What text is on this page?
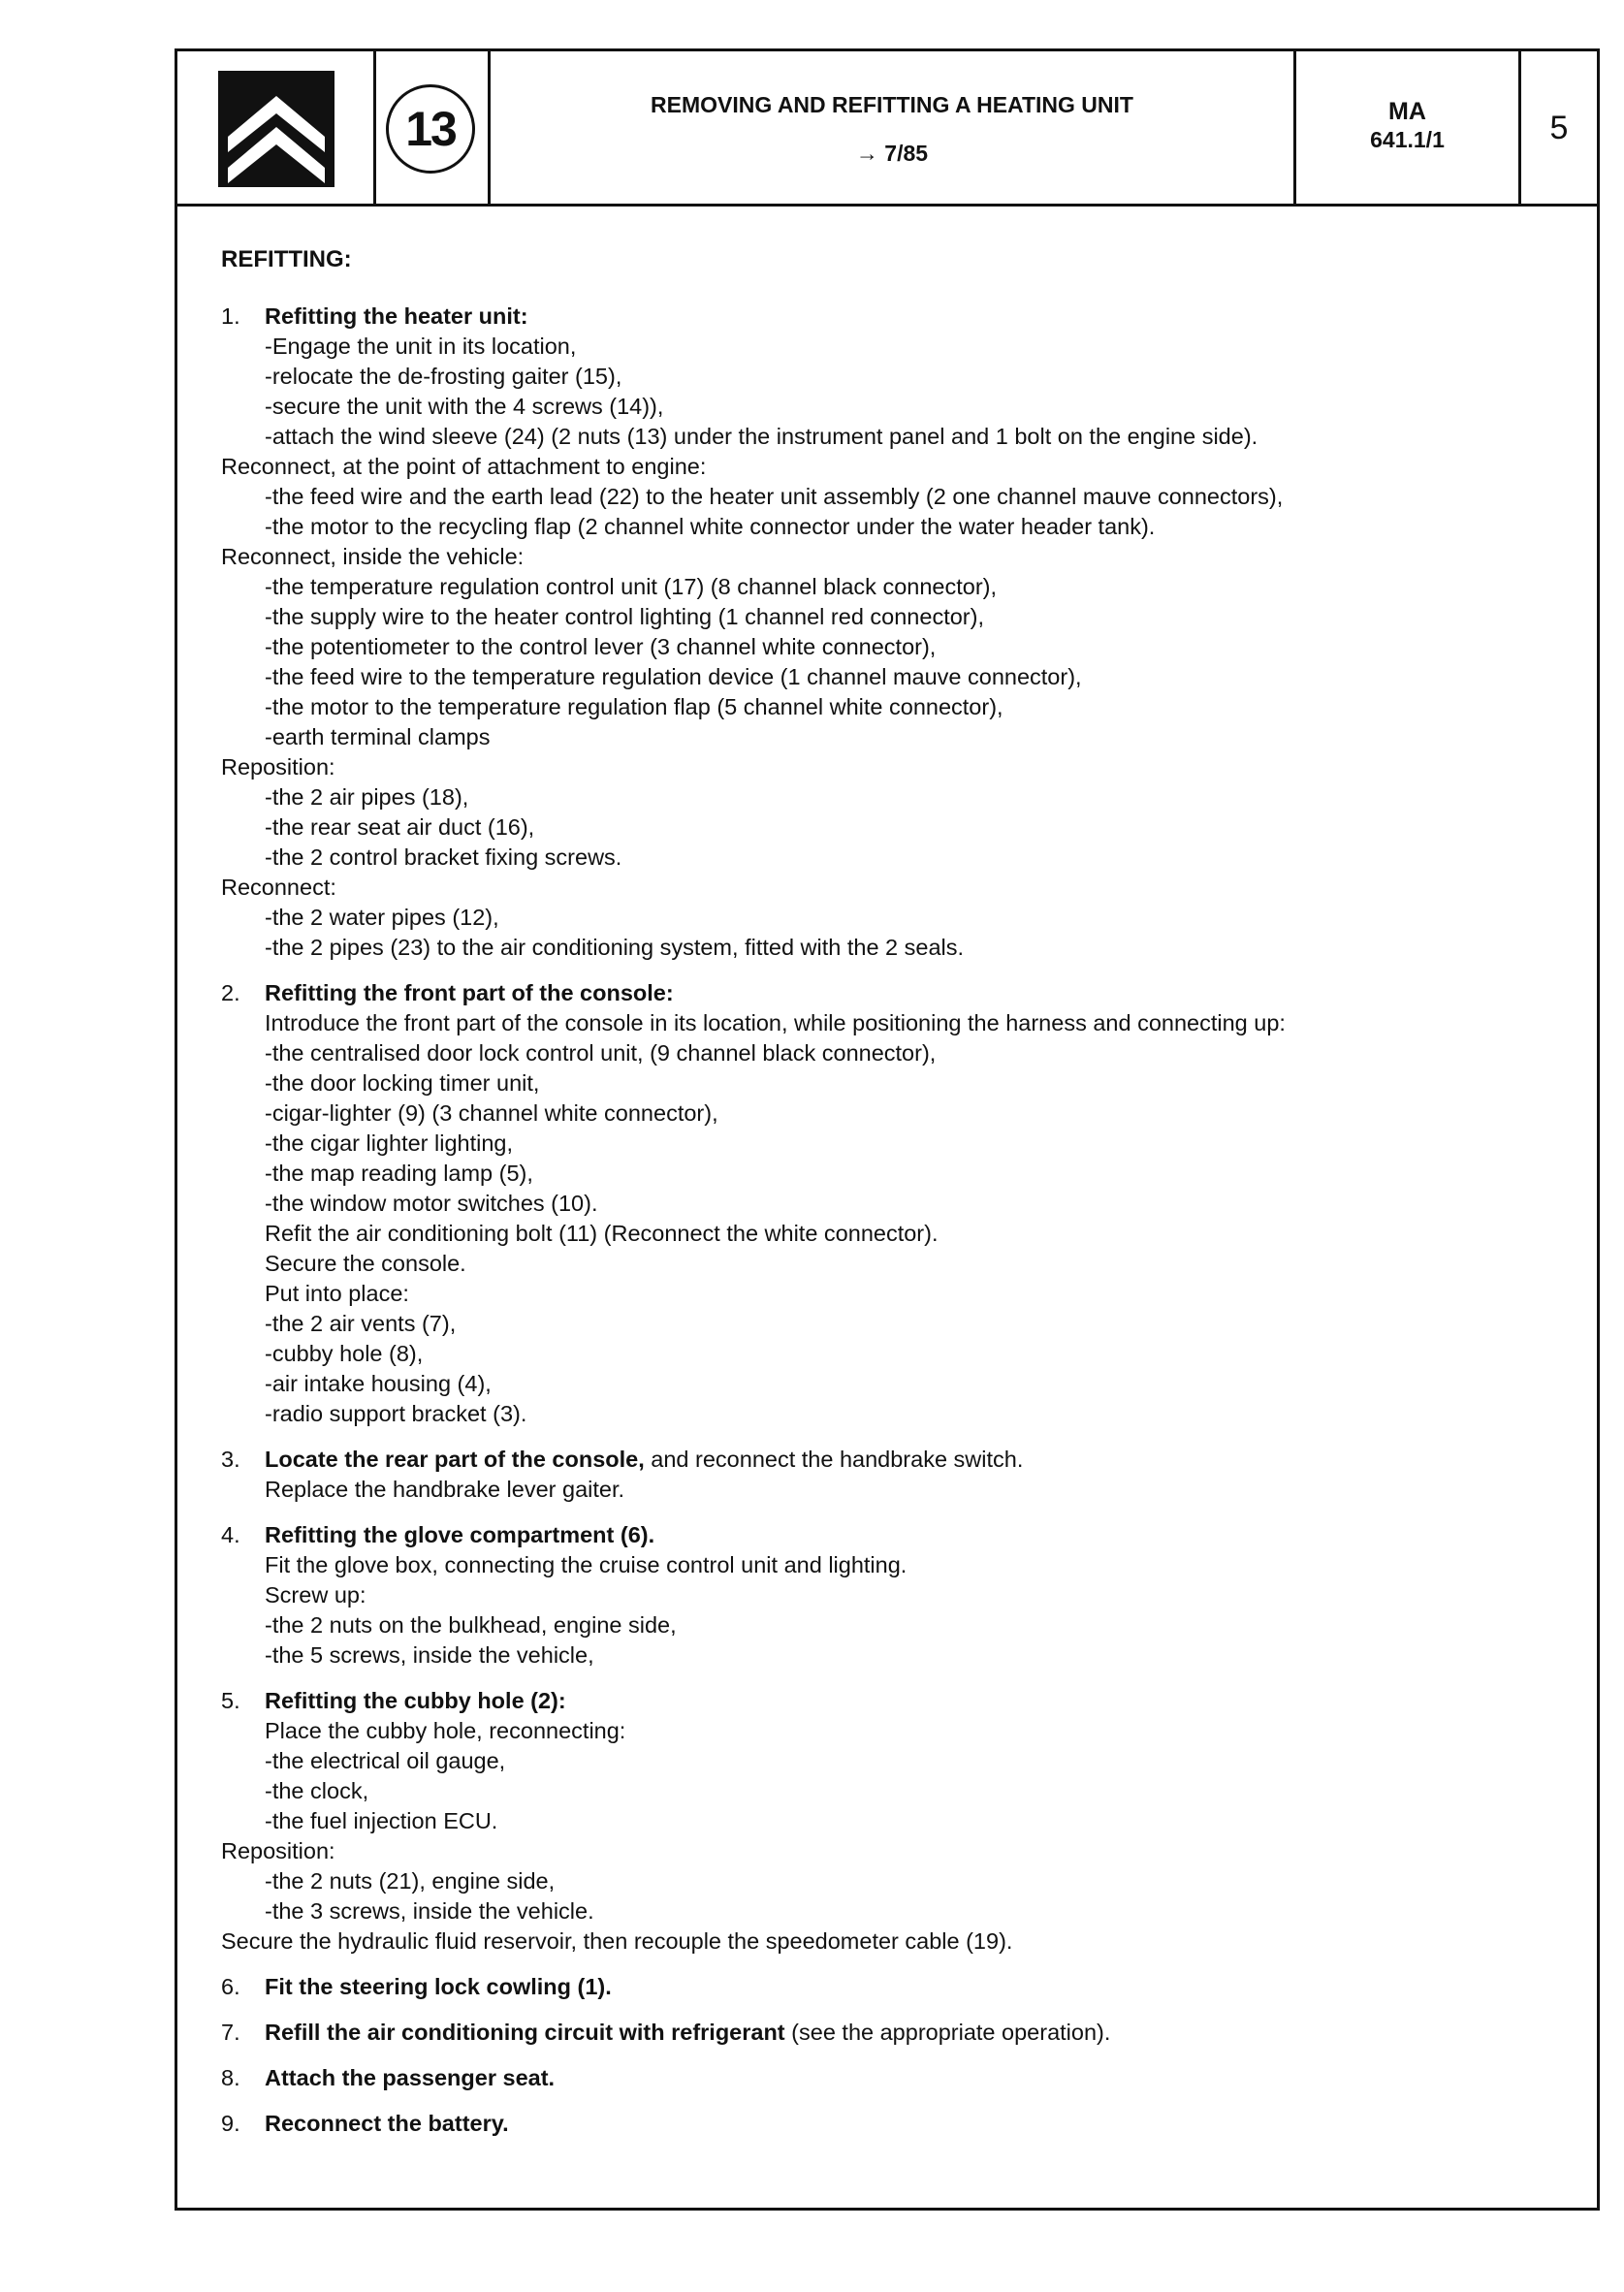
13	REMOVING AND REFITTING A HEATING UNIT
→ 7/85
MA
641.1/1	5

REFITTING:

1. Refitting the heater unit:

-Engage the unit in its location,

-relocate the de-frosting gaiter (15),

-secure the unit with the 4 screws (14)),

-attach the wind sleeve (24) (2 nuts (13) under the instrument panel and 1 bolt on the engine side).

Reconnect, at the point of attachment to engine:

-the feed wire and the earth lead (22) to the heater unit assembly (2 one channel mauve connectors),

-the motor to the recycling flap (2 channel white connector under the water header tank).

Reconnect, inside the vehicle:

-the temperature regulation control unit (17) (8 channel black connector),

-the supply wire to the heater control lighting (1 channel red connector),

-the potentiometer to the control lever (3 channel white connector),

-the feed wire to the temperature regulation device (1 channel mauve connector),

-the motor to the temperature regulation flap (5 channel white connector),

-earth terminal clamps

Reposition:

-the 2 air pipes (18),

-the rear seat air duct (16),

-the 2 control bracket fixing screws.

Reconnect:

-the 2 water pipes (12),

-the 2 pipes (23) to the air conditioning system, fitted with the 2 seals.

2. Refitting the front part of the console:

Introduce the front part of the console in its location, while positioning the harness and connecting up:

-the centralised door lock control unit, (9 channel black connector),

-the door locking timer unit,

-cigar-lighter (9) (3 channel white connector),

-the cigar lighter lighting,

-the map reading lamp (5),

-the window motor switches (10).

Refit the air conditioning bolt (11) (Reconnect the white connector).

Secure the console.

Put into place:

-the 2 air vents (7),

-cubby hole (8),

-air intake housing (4),

-radio support bracket (3).

3. Locate the rear part of the console, and reconnect the handbrake switch.

Replace the handbrake lever gaiter.

4. Refitting the glove compartment (6).

Fit the glove box, connecting the cruise control unit and lighting.

Screw up:

-the 2 nuts on the bulkhead, engine side,

-the 5 screws, inside the vehicle,

5. Refitting the cubby hole (2):

Place the cubby hole, reconnecting:

-the electrical oil gauge,

-the clock,

-the fuel injection ECU.

Reposition:

-the 2 nuts (21), engine side,

-the 3 screws, inside the vehicle.

Secure the hydraulic fluid reservoir, then recouple the speedometer cable (19).

6. Fit the steering lock cowling (1).

7. Refill the air conditioning circuit with refrigerant (see the appropriate operation).

8. Attach the passenger seat.

9. Reconnect the battery.
